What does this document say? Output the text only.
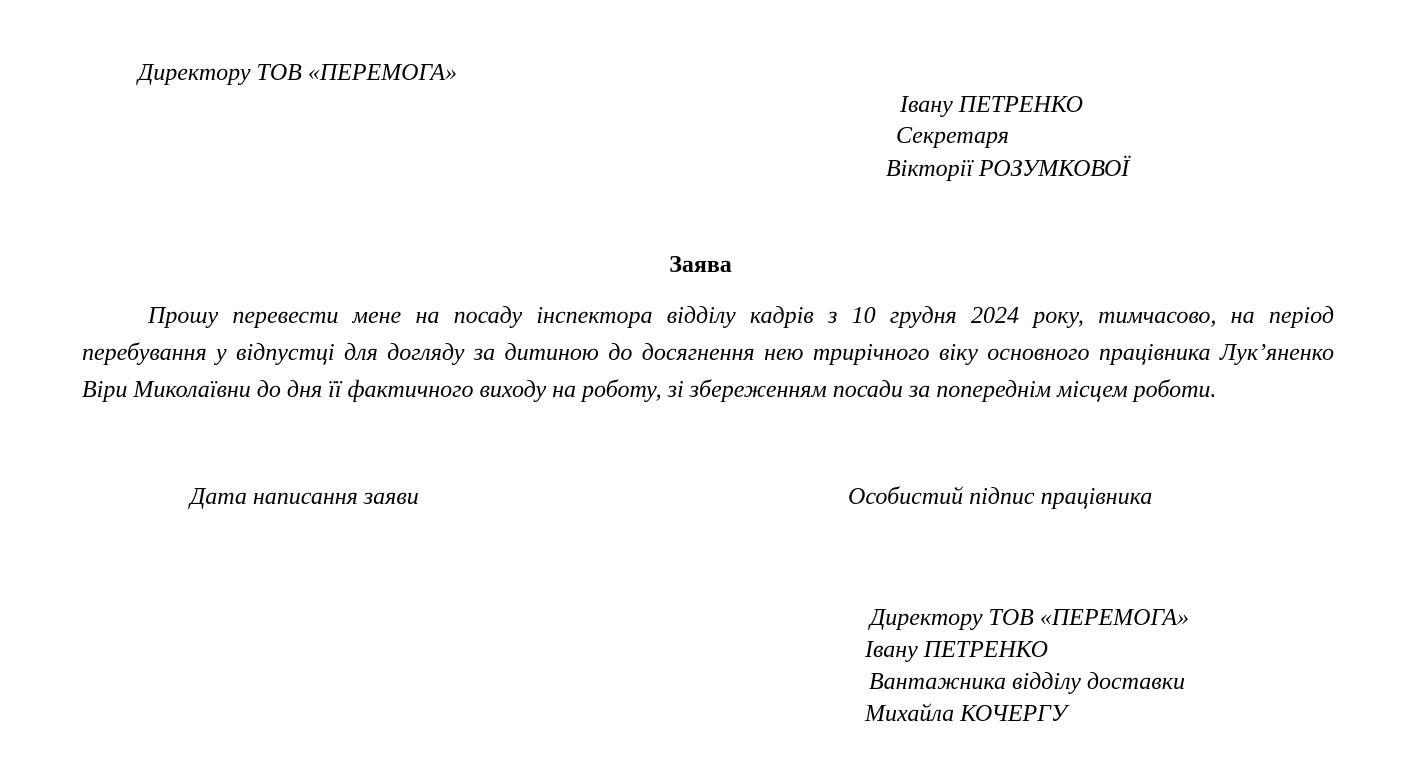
Директору ТОВ «ПЕРЕМОГА»
Івану ПЕТРЕНКО
Секретаря
Вікторії РОЗУМКОВОЇ
Заява

Прошу перевести мене на посаду інспектора відділу кадрів з 10 грудня 2024 року, тимчасово, на період перебування у відпустці для догляду за дитиною до досягнення нею трирічного віку основного працівника Лук’яненко Віри Миколаївни до дня її фактичного виходу на роботу, зі збереженням посади за попереднім місцем роботи.

Дата написання заяви	Особистий підпис працівника
Директору ТОВ «ПЕРЕМОГА»
Івану ПЕТРЕНКО
Вантажника відділу доставки
Михайла КОЧЕРГУ
